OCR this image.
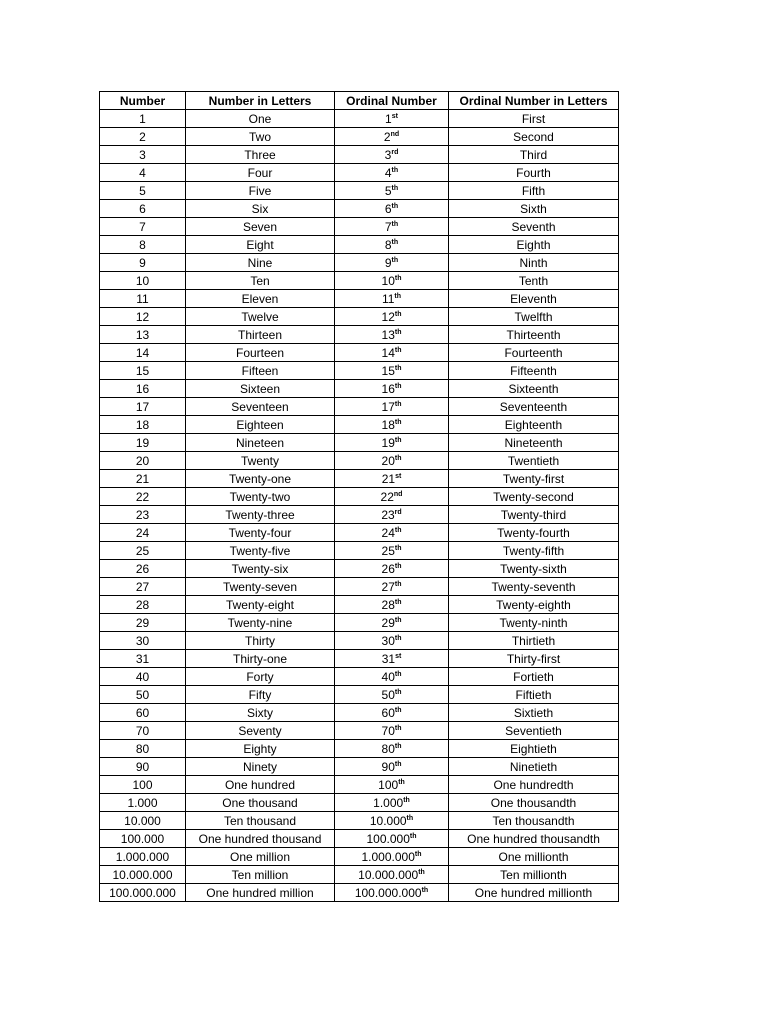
Number	Number in Letters	Ordinal Number	Ordinal Number in Letters
1	One	1st	First
2	Two	2nd	Second
3	Three	3rd	Third
4	Four	4th	Fourth
5	Five	5th	Fifth
6	Six	6th	Sixth
7	Seven	7th	Seventh
8	Eight	8th	Eighth
9	Nine	9th	Ninth
10	Ten	10th	Tenth
11	Eleven	11th	Eleventh
12	Twelve	12th	Twelfth
13	Thirteen	13th	Thirteenth
14	Fourteen	14th	Fourteenth
15	Fifteen	15th	Fifteenth
16	Sixteen	16th	Sixteenth
17	Seventeen	17th	Seventeenth
18	Eighteen	18th	Eighteenth
19	Nineteen	19th	Nineteenth
20	Twenty	20th	Twentieth
21	Twenty-one	21st	Twenty-first
22	Twenty-two	22nd	Twenty-second
23	Twenty-three	23rd	Twenty-third
24	Twenty-four	24th	Twenty-fourth
25	Twenty-five	25th	Twenty-fifth
26	Twenty-six	26th	Twenty-sixth
27	Twenty-seven	27th	Twenty-seventh
28	Twenty-eight	28th	Twenty-eighth
29	Twenty-nine	29th	Twenty-ninth
30	Thirty	30th	Thirtieth
31	Thirty-one	31st	Thirty-first
40	Forty	40th	Fortieth
50	Fifty	50th	Fiftieth
60	Sixty	60th	Sixtieth
70	Seventy	70th	Seventieth
80	Eighty	80th	Eightieth
90	Ninety	90th	Ninetieth
100	One hundred	100th	One hundredth
1.000	One thousand	1.000th	One thousandth
10.000	Ten thousand	10.000th	Ten thousandth
100.000	One hundred thousand	100.000th	One hundred thousandth
1.000.000	One million	1.000.000th	One millionth
10.000.000	Ten million	10.000.000th	Ten millionth
100.000.000	One hundred million	100.000.000th	One hundred millionth
